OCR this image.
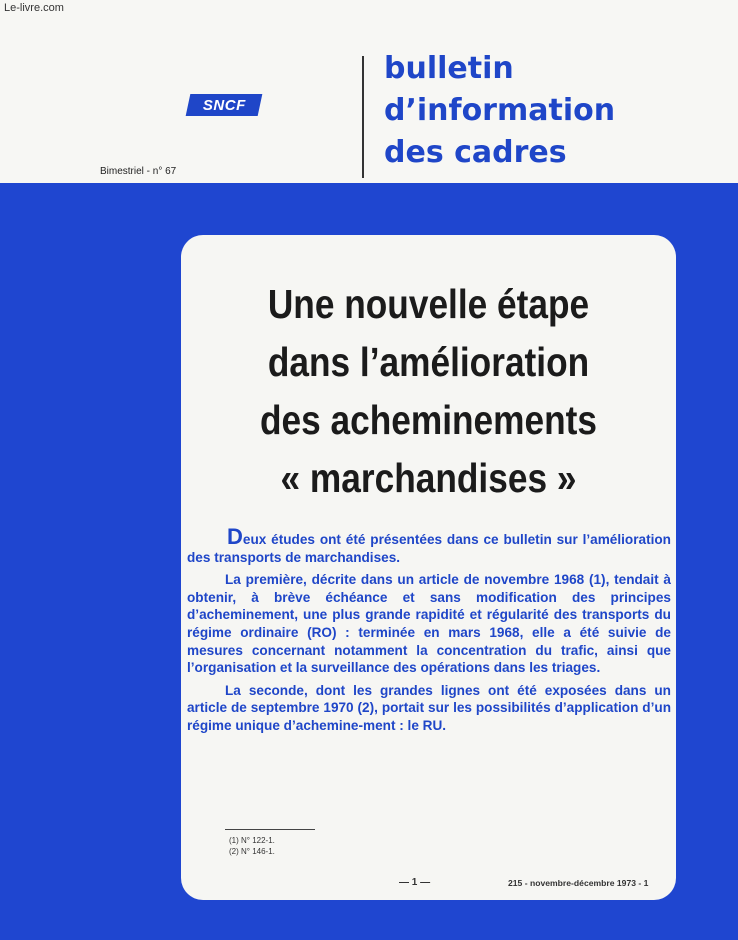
Le-livre.com
SNCF
bulletin
d’information
des cadres
Bimestriel - n° 67
Une nouvelle étape
dans l’amélioration
des acheminements
« marchandises »

Deux études ont été présentées dans ce bulletin sur l’amélioration des transports de marchandises.

La première, décrite dans un article de novembre 1968 (1), tendait à obtenir, à brève échéance et sans modification des principes d’acheminement, une plus grande rapidité et régularité des transports du régime ordinaire (RO) : terminée en mars 1968, elle a été suivie de mesures concernant notamment la concentration du trafic, ainsi que l’organisation et la surveillance des opérations dans les triages.

La seconde, dont les grandes lignes ont été exposées dans un article de septembre 1970 (2), portait sur les possibilités d’application d’un régime unique d’achemine-ment : le RU.

(1) N° 122-1.
(2) N° 146-1.
— 1 —	215 - novembre-décembre 1973 - 1
